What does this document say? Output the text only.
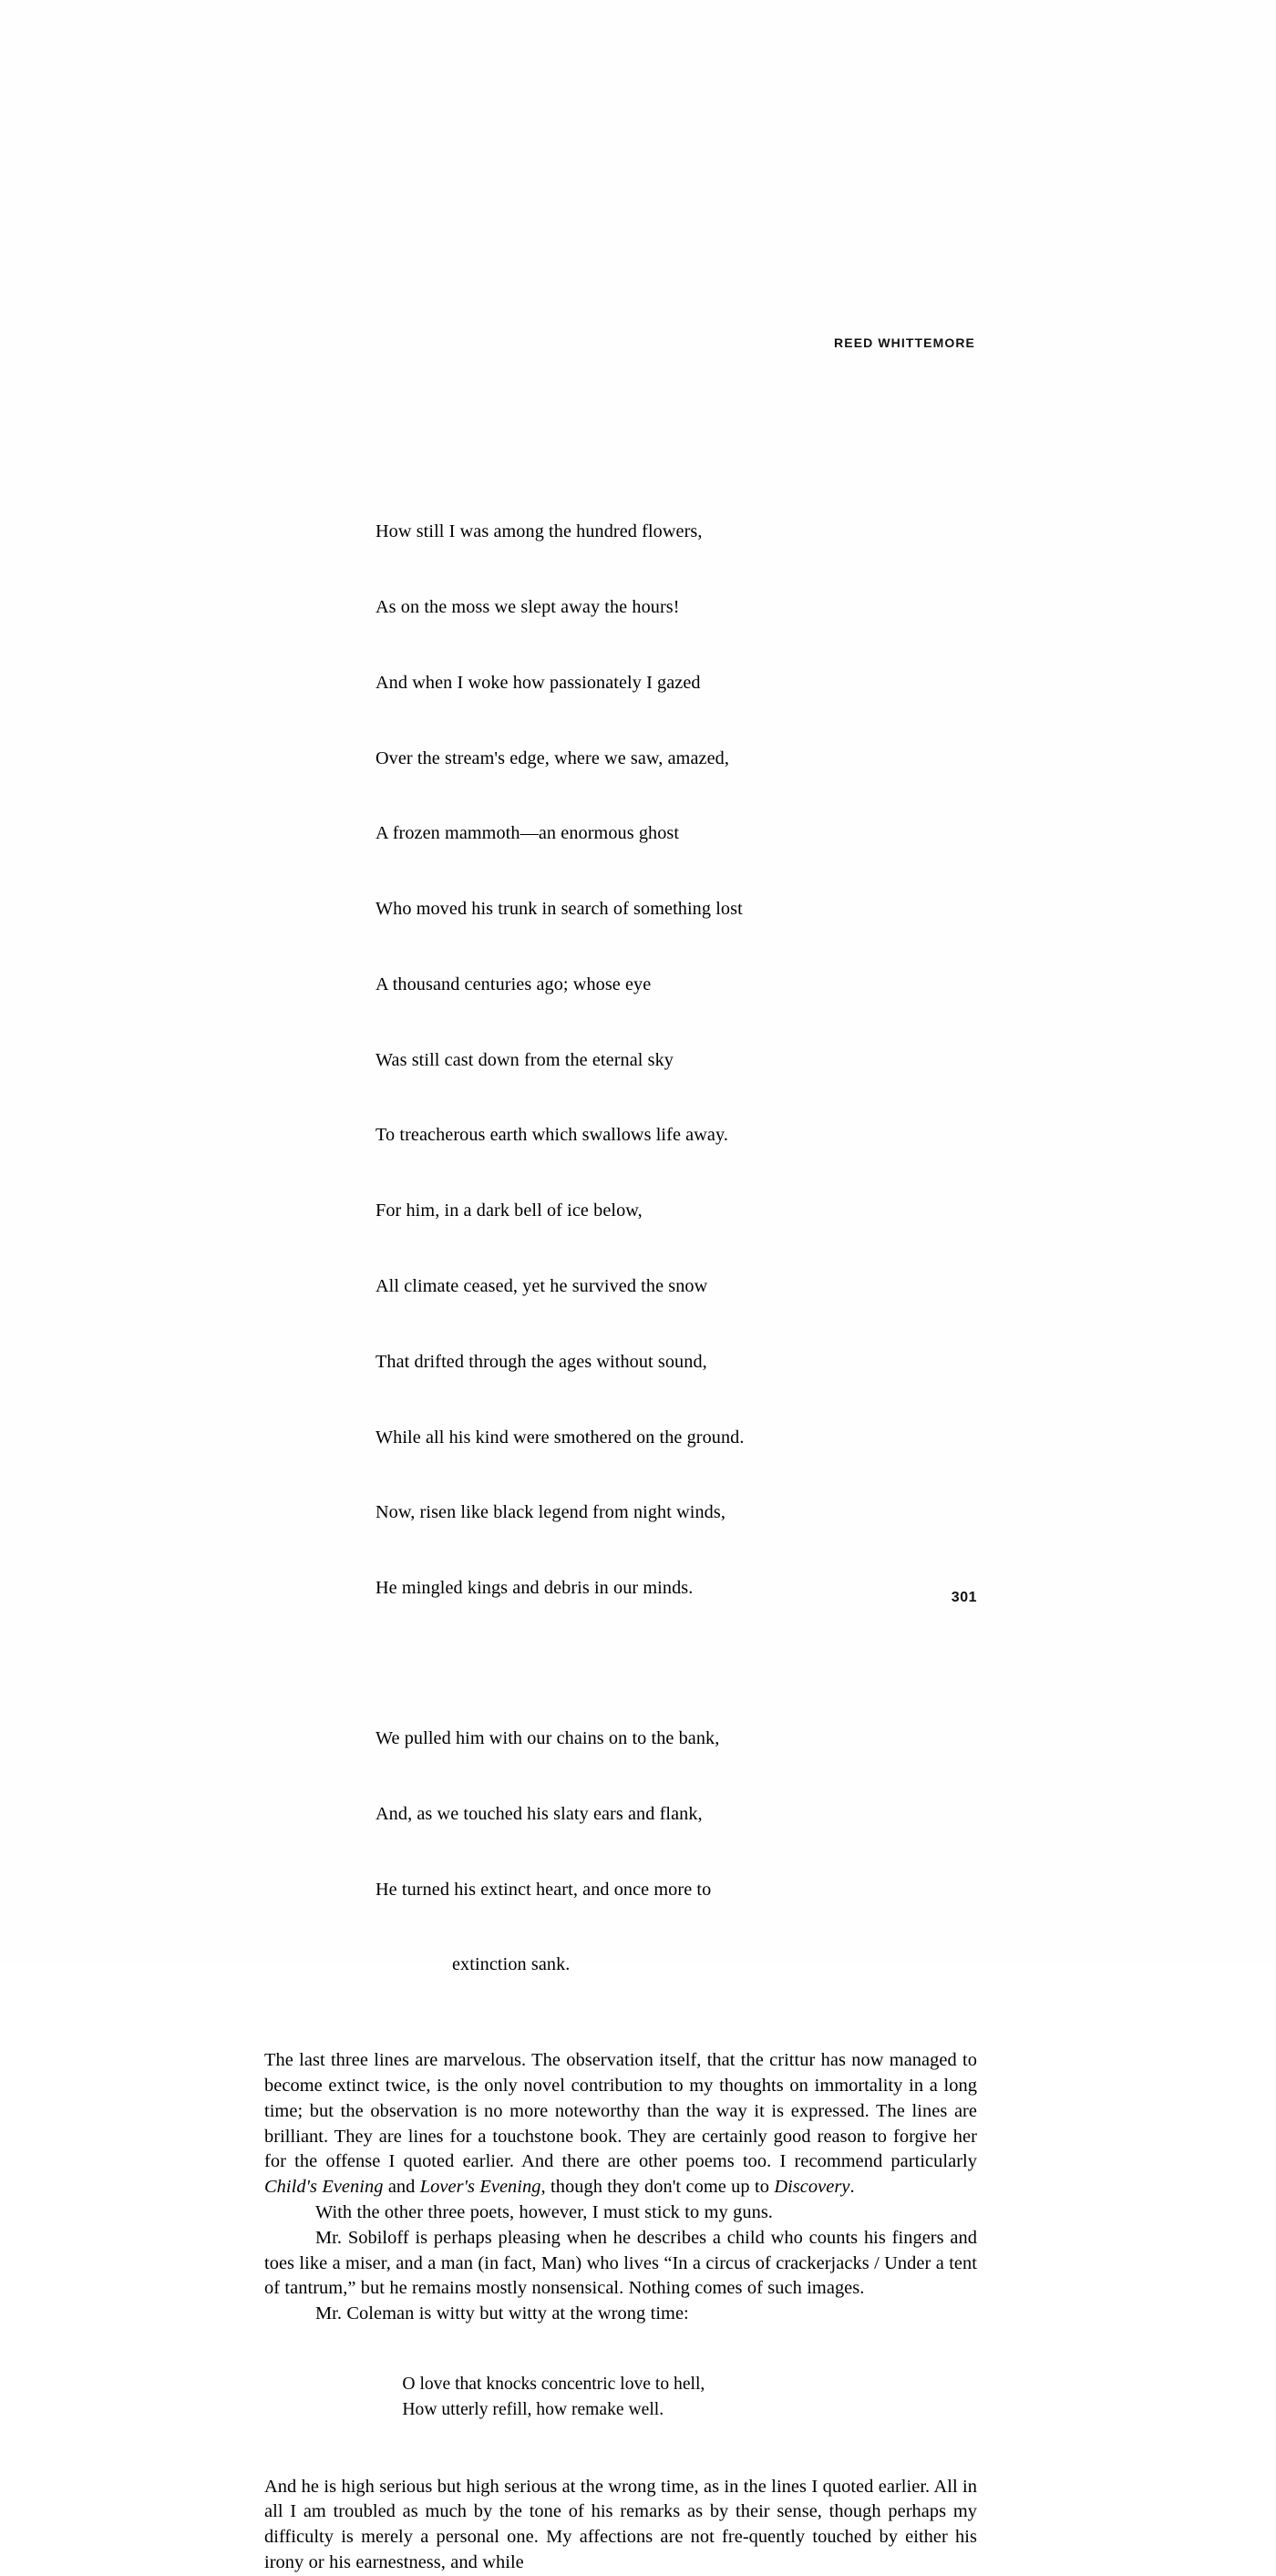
REED WHITTEMORE

How still I was among the hundred flowers,

As on the moss we slept away the hours!

And when I woke how passionately I gazed

Over the stream's edge, where we saw, amazed,

A frozen mammoth—an enormous ghost

Who moved his trunk in search of something lost

A thousand centuries ago; whose eye

Was still cast down from the eternal sky

To treacherous earth which swallows life away.

For him, in a dark bell of ice below,

All climate ceased, yet he survived the snow

That drifted through the ages without sound,

While all his kind were smothered on the ground.

Now, risen like black legend from night winds,

He mingled kings and debris in our minds.

We pulled him with our chains on to the bank,

And, as we touched his slaty ears and flank,

He turned his extinct heart, and once more to

extinction sank.

The last three lines are marvelous. The observation itself, that the crittur has now managed to become extinct twice, is the only novel contribution to my thoughts on immortality in a long time; but the observation is no more noteworthy than the way it is expressed. The lines are brilliant. They are lines for a touchstone book. They are certainly good reason to forgive her for the offense I quoted earlier. And there are other poems too. I recommend particularly Child's Evening and Lover's Evening, though they don't come up to Discovery.

With the other three poets, however, I must stick to my guns.

Mr. Sobiloff is perhaps pleasing when he describes a child who counts his fingers and toes like a miser, and a man (in fact, Man) who lives “In a circus of crackerjacks / Under a tent of tantrum,” but he remains mostly nonsensical. Nothing comes of such images.

Mr. Coleman is witty but witty at the wrong time:

O love that knocks concentric love to hell,
How utterly refill, how remake well.

And he is high serious but high serious at the wrong time, as in the lines I quoted earlier. All in all I am troubled as much by the tone of his remarks as by their sense, though perhaps my difficulty is merely a personal one. My affections are not fre-quently touched by either his irony or his earnestness, and while

301
